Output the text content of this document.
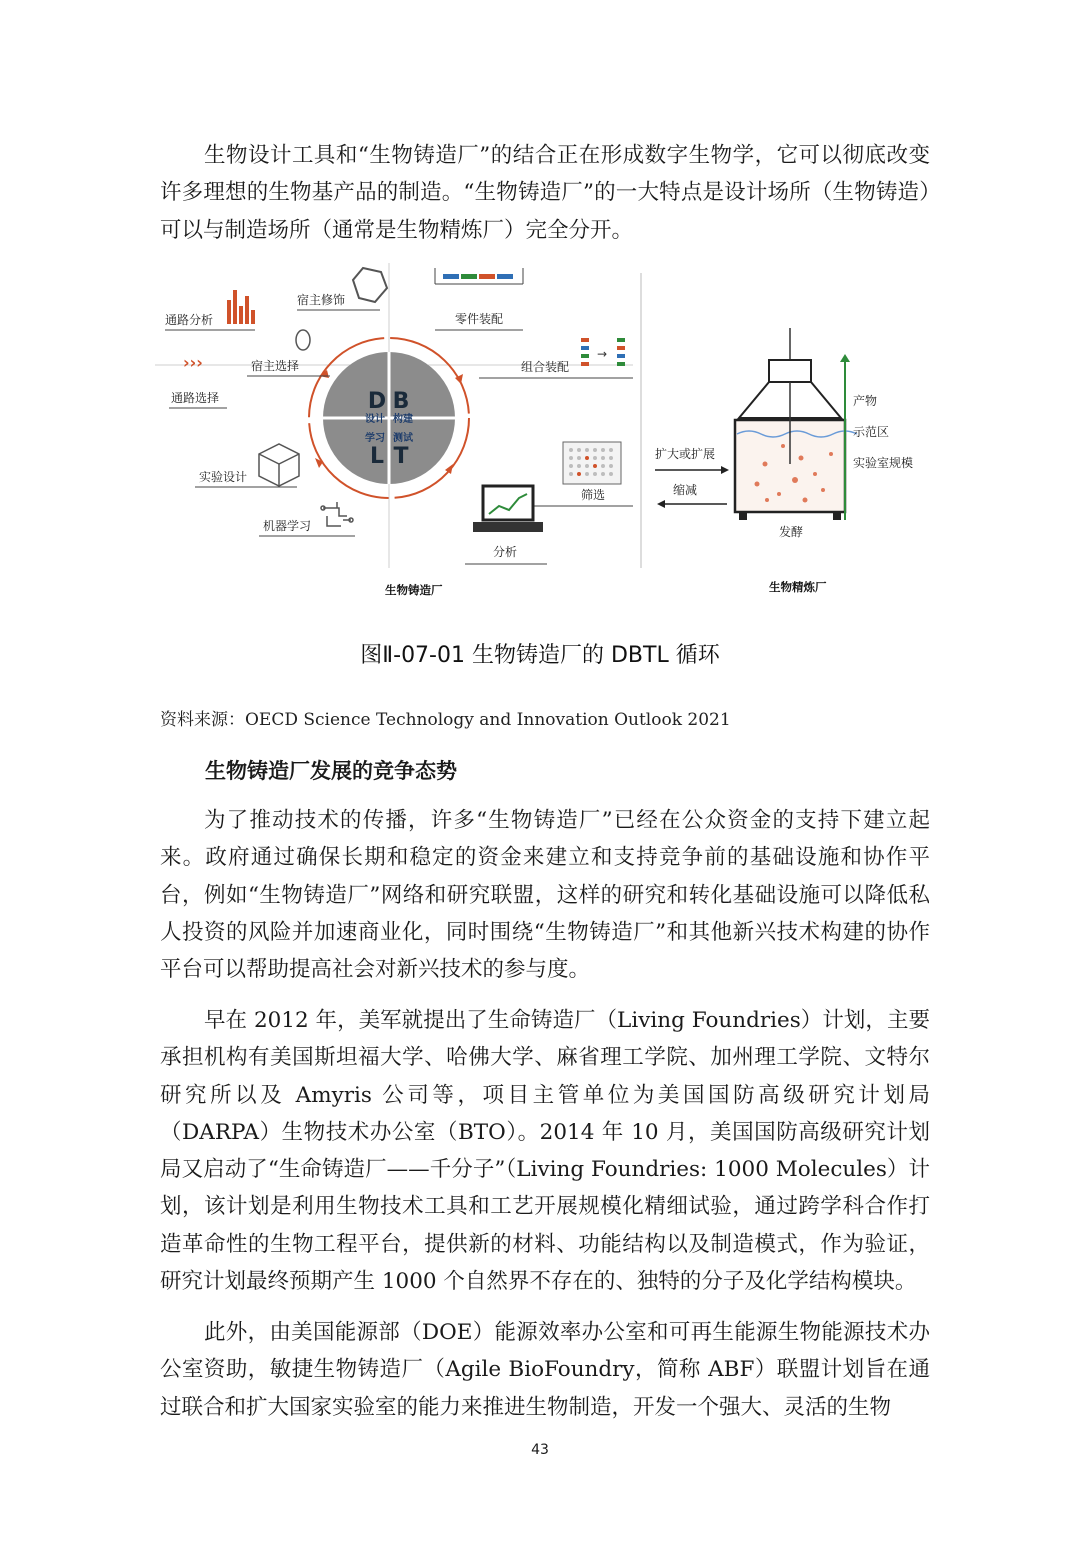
生物设计工具和“生物铸造厂”的结合正在形成数字生物学，它可以彻底改变许多理想的生物基产品的制造。“生物铸造厂”的一大特点是设计场所（生物铸造）可以与制造场所（通常是生物精炼厂）完全分开。

D B
L T
设计 构建
学习 测试
通路分析
宿主修饰
›››	宿主选择
通路选择
实验设计
机器学习
零件装配
组合装配
→
筛选
分析
生物铸造厂
扩大或扩展
缩减
发酵
产物
示范区
实验室规模
生物精炼厂
图Ⅱ-07-01 生物铸造厂的 DBTL 循环
资料来源：OECD Science Technology and Innovation Outlook 2021
生物铸造厂发展的竞争态势

为了推动技术的传播，许多“生物铸造厂”已经在公众资金的支持下建立起来。政府通过确保长期和稳定的资金来建立和支持竞争前的基础设施和协作平台，例如“生物铸造厂”网络和研究联盟，这样的研究和转化基础设施可以降低私人投资的风险并加速商业化，同时围绕“生物铸造厂”和其他新兴技术构建的协作平台可以帮助提高社会对新兴技术的参与度。

早在 2012 年，美军就提出了生命铸造厂（Living Foundries）计划，主要承担机构有美国斯坦福大学、哈佛大学、麻省理工学院、加州理工学院、文特尔研究所以及 Amyris 公司等，项目主管单位为美国国防高级研究计划局（DARPA）生物技术办公室（BTO）。2014 年 10 月，美国国防高级研究计划局又启动了“生命铸造厂——千分子”（Living Foundries: 1000 Molecules）计划，该计划是利用生物技术工具和工艺开展规模化精细试验，通过跨学科合作打造革命性的生物工程平台，提供新的材料、功能结构以及制造模式，作为验证，研究计划最终预期产生 1000 个自然界不存在的、独特的分子及化学结构模块。

此外，由美国能源部（DOE）能源效率办公室和可再生能源生物能源技术办公室资助，敏捷生物铸造厂（Agile BioFoundry，简称 ABF）联盟计划旨在通过联合和扩大国家实验室的能力来推进生物制造，开发一个强大、灵活的生物

43
